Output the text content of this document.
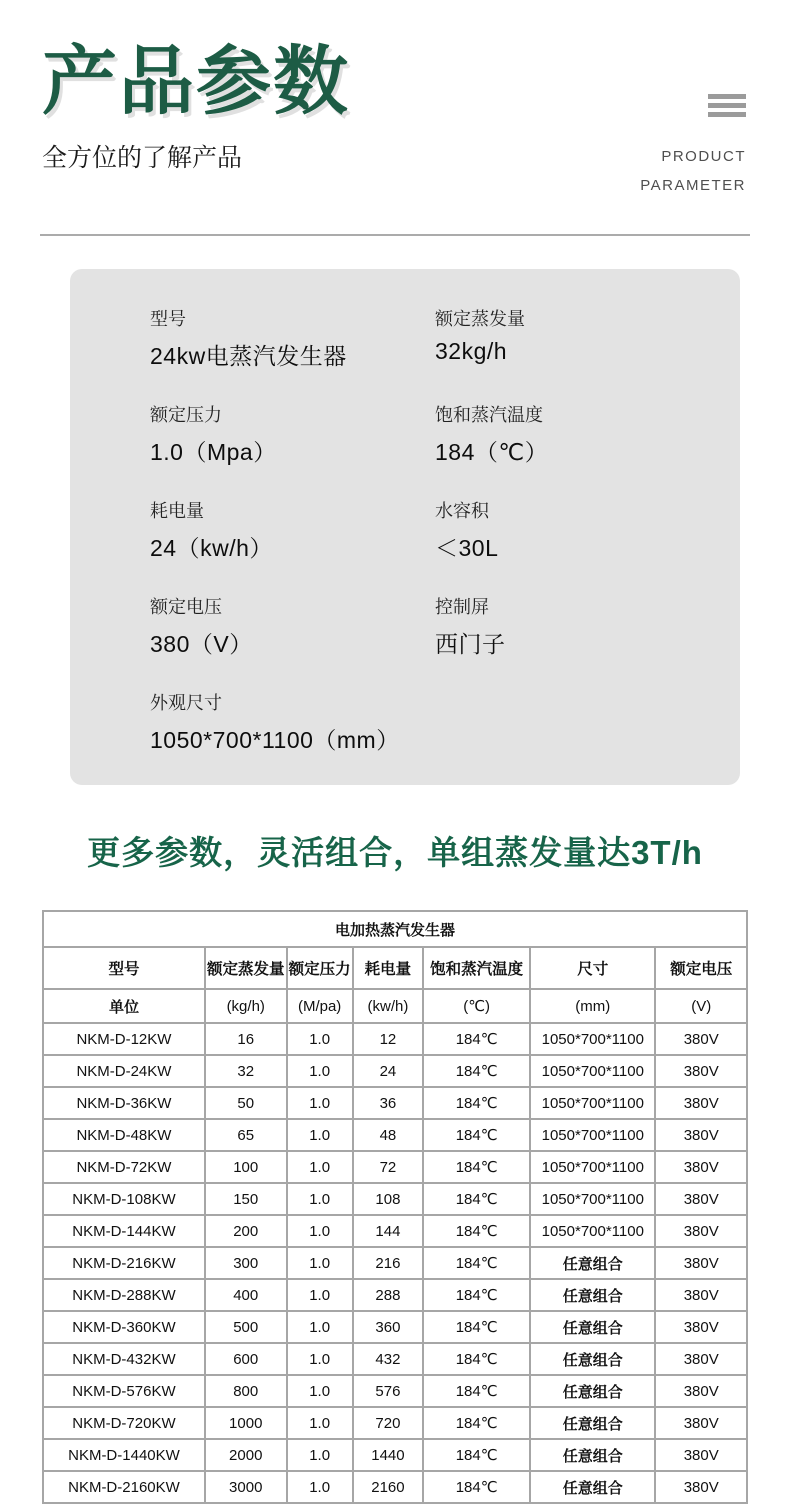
产品参数
全方位的了解产品	PRODUCT
PARAMETER
型号
24kw电蒸汽发生器
额定蒸发量
32kg/h
额定压力
1.0（Mpa）
饱和蒸汽温度
184（℃）
耗电量
24（kw/h）
水容积
＜30L
额定电压
380（V）
控制屏
西门子
外观尺寸
1050*700*1100（mm）
更多参数，灵活组合，单组蒸发量达3T/h
电加热蒸汽发生器						
型号	额定蒸发量	额定压力	耗电量	饱和蒸汽温度	尺寸	额定电压
单位	(kg/h)	(M/pa)	(kw/h)	(℃)	(mm)	(V)
NKM-D-12KW	16	1.0	12	184℃	1050*700*1100	380V
NKM-D-24KW	32	1.0	24	184℃	1050*700*1100	380V
NKM-D-36KW	50	1.0	36	184℃	1050*700*1100	380V
NKM-D-48KW	65	1.0	48	184℃	1050*700*1100	380V
NKM-D-72KW	100	1.0	72	184℃	1050*700*1100	380V
NKM-D-108KW	150	1.0	108	184℃	1050*700*1100	380V
NKM-D-144KW	200	1.0	144	184℃	1050*700*1100	380V
NKM-D-216KW	300	1.0	216	184℃	任意组合	380V
NKM-D-288KW	400	1.0	288	184℃	任意组合	380V
NKM-D-360KW	500	1.0	360	184℃	任意组合	380V
NKM-D-432KW	600	1.0	432	184℃	任意组合	380V
NKM-D-576KW	800	1.0	576	184℃	任意组合	380V
NKM-D-720KW	1000	1.0	720	184℃	任意组合	380V
NKM-D-1440KW	2000	1.0	1440	184℃	任意组合	380V
NKM-D-2160KW	3000	1.0	2160	184℃	任意组合	380V
